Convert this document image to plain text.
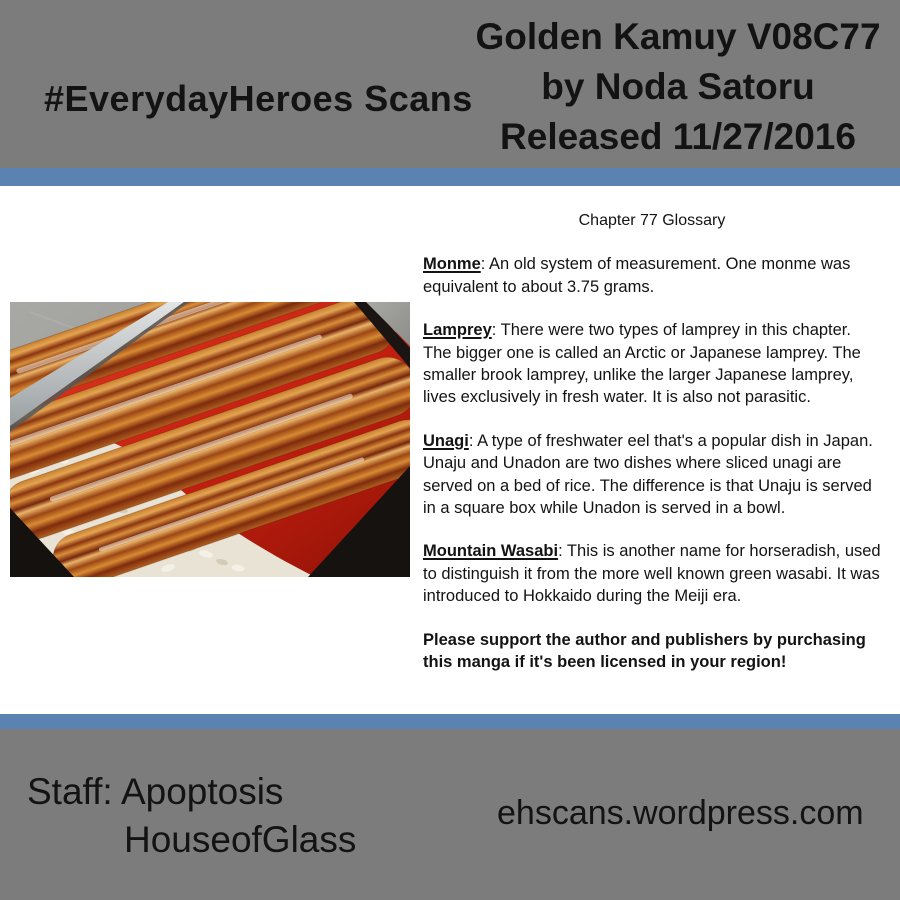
#EverydayHeroes Scans
Golden Kamuy V08C77
by Noda Satoru
Released 11/27/2016
Chapter 77 Glossary

Monme: An old system of measurement. One monme was equivalent to about 3.75 grams.

Lamprey: There were two types of lamprey in this chapter. The bigger one is called an Arctic or Japanese lamprey. The smaller brook lamprey, unlike the larger Japanese lamprey, lives exclusively in fresh water. It is also not parasitic.

Unagi: A type of freshwater eel that's a popular dish in Japan. Unaju and Unadon are two dishes where sliced unagi are served on a bed of rice. The difference is that Unaju is served in a square box while Unadon is served in a bowl.

Mountain Wasabi: This is another name for horseradish, used to distinguish it from the more well known green wasabi. It was introduced to Hokkaido during the Meiji era.

Please support the author and publishers by purchasing this manga if it's been licensed in your region!

Staff: Apoptosis
HouseofGlass
ehscans.wordpress.com
